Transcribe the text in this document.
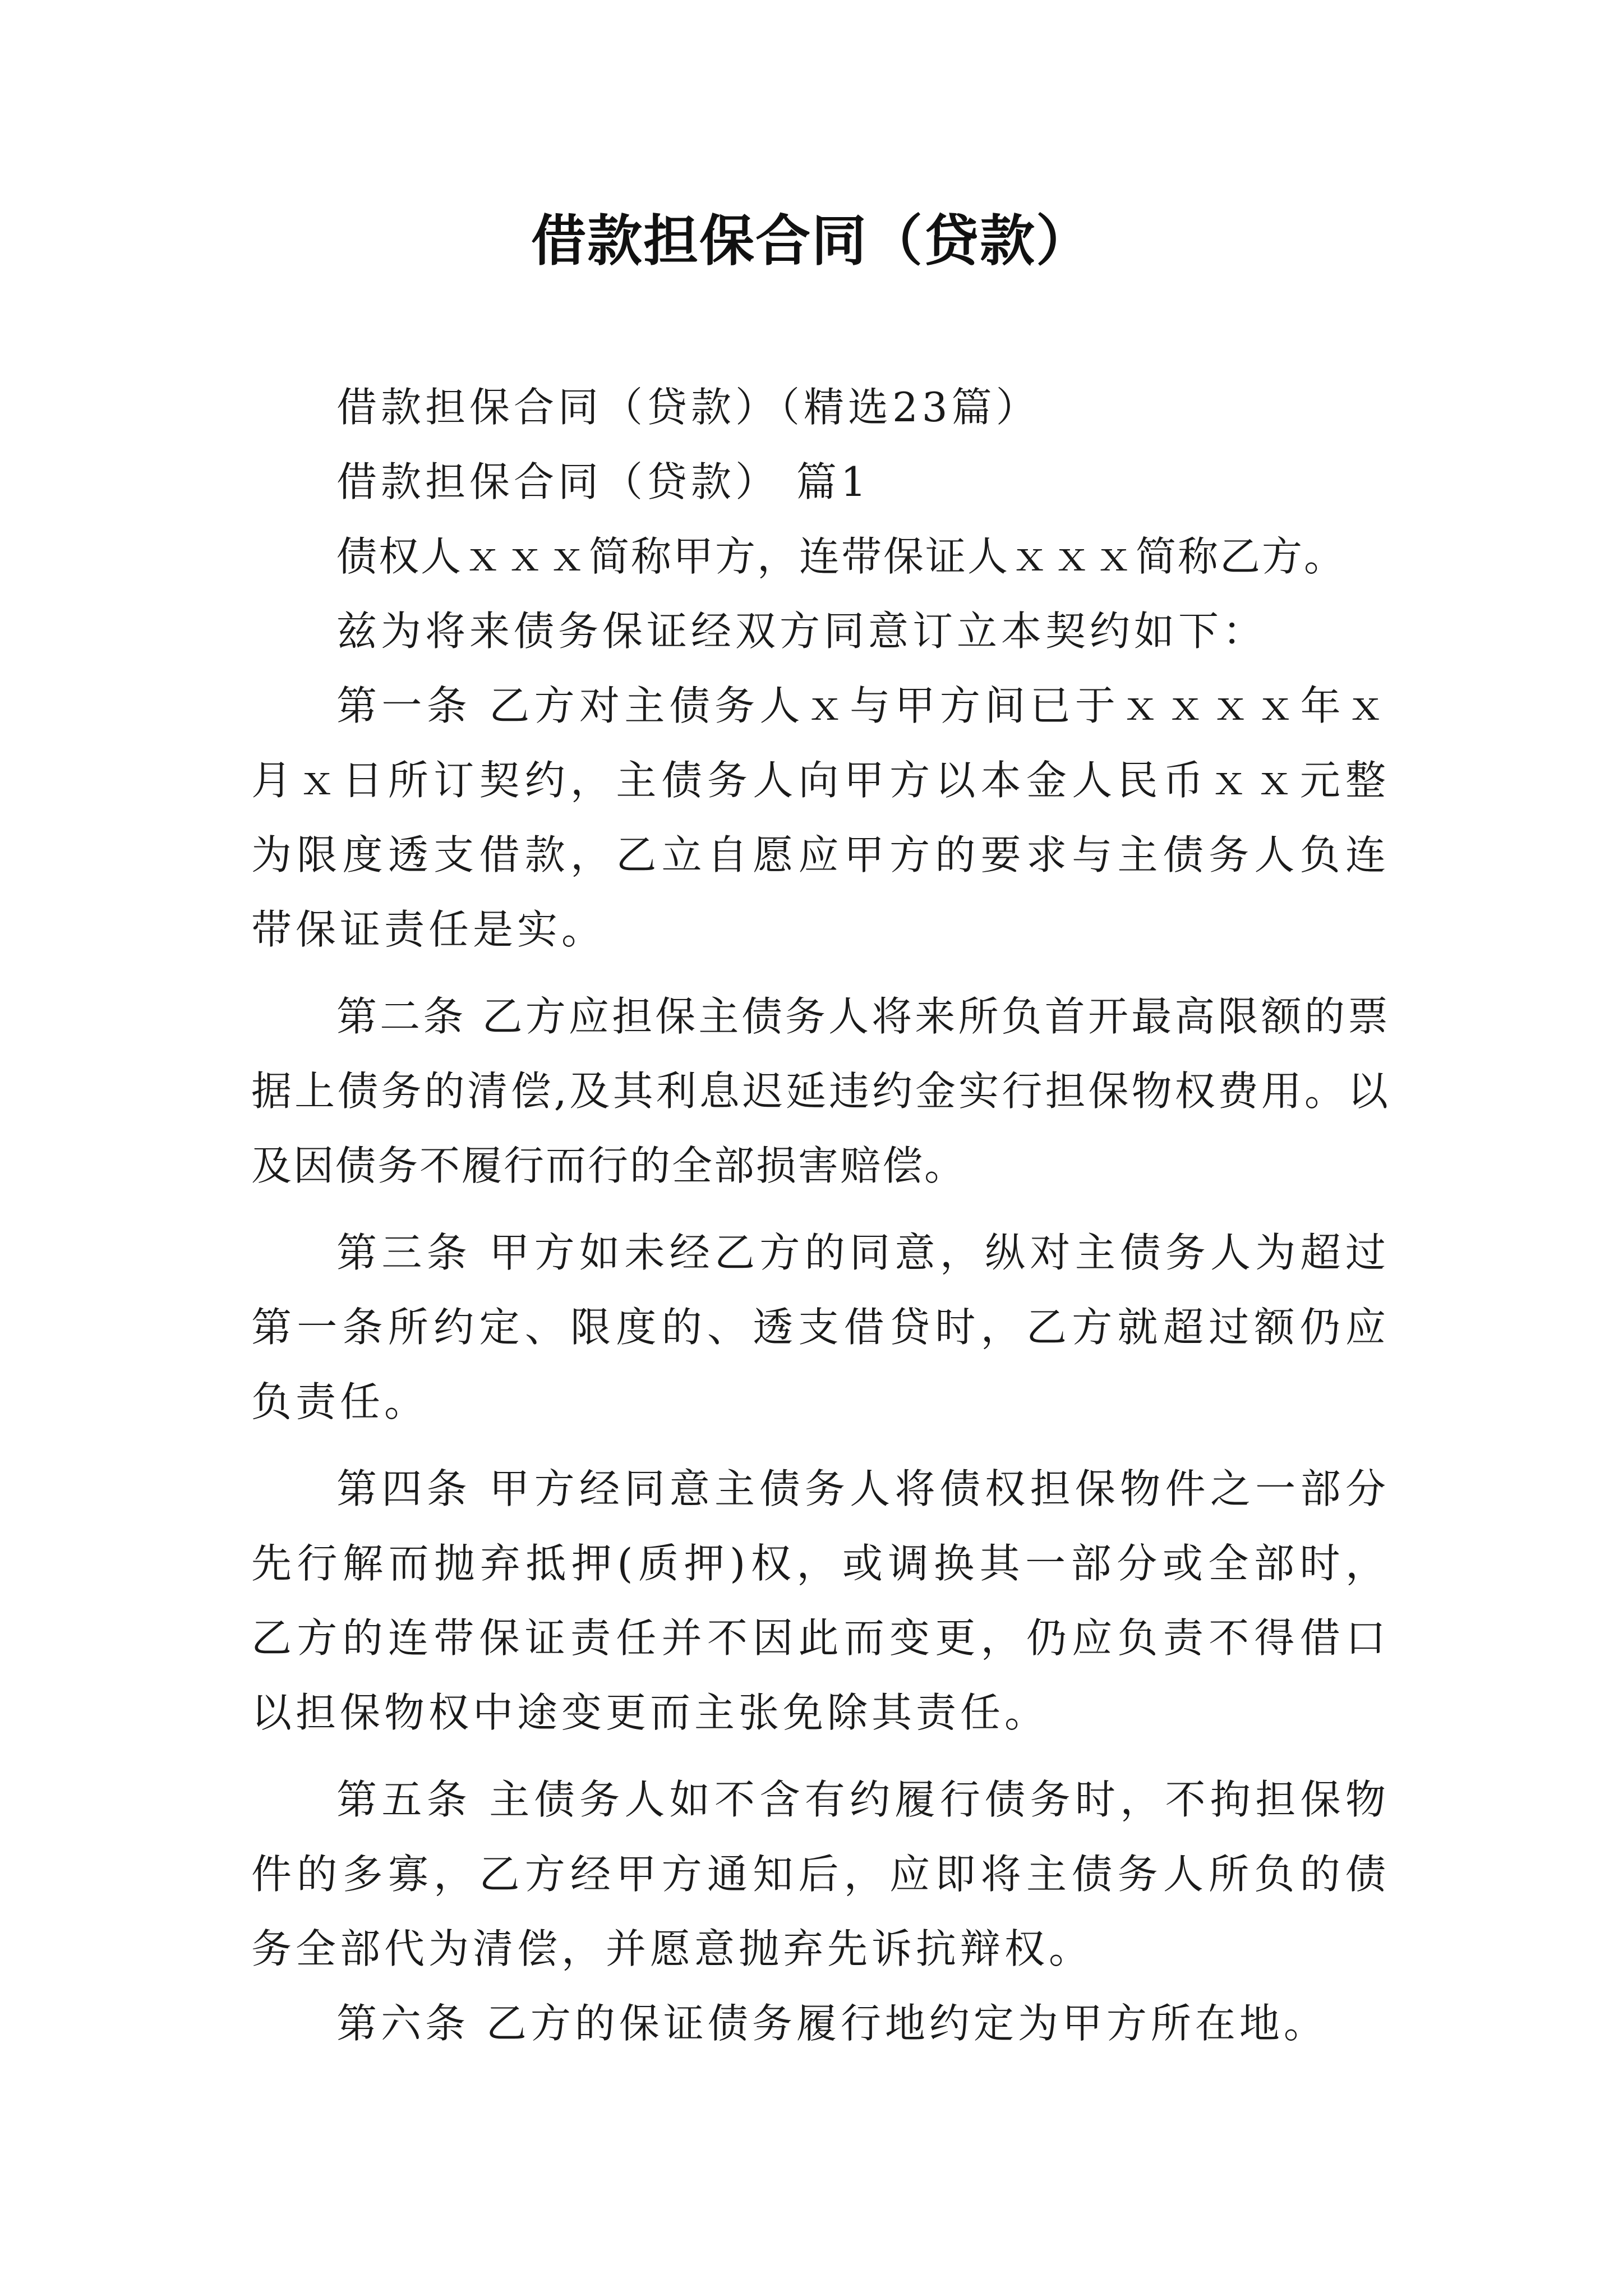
借款担保合同（贷款）

借款担保合同（贷款）（精选23篇）

借款担保合同（贷款） 篇1

债权人ｘｘｘ简称甲方，连带保证人ｘｘｘ简称乙方。

兹为将来债务保证经双方同意订立本契约如下：

第一条 乙方对主债务人ｘ与甲方间已于ｘｘｘｘ年ｘ月ｘ日所订契约，主债务人向甲方以本金人民币ｘｘ元整为限度透支借款，乙立自愿应甲方的要求与主债务人负连带保证责任是实。

第二条 乙方应担保主债务人将来所负首开最高限额的票据上债务的清偿,及其利息迟延违约金实行担保物权费用。以及因债务不履行而行的全部损害赔偿。

第三条 甲方如未经乙方的同意，纵对主债务人为超过第一条所约定、限度的、透支借贷时，乙方就超过额仍应负责任。

第四条 甲方经同意主债务人将债权担保物件之一部分先行解而抛弃抵押(质押)权，或调换其一部分或全部时，乙方的连带保证责任并不因此而变更，仍应负责不得借口以担保物权中途变更而主张免除其责任。

第五条 主债务人如不含有约履行债务时，不拘担保物件的多寡，乙方经甲方通知后，应即将主债务人所负的债务全部代为清偿，并愿意抛弃先诉抗辩权。

第六条 乙方的保证债务履行地约定为甲方所在地。
